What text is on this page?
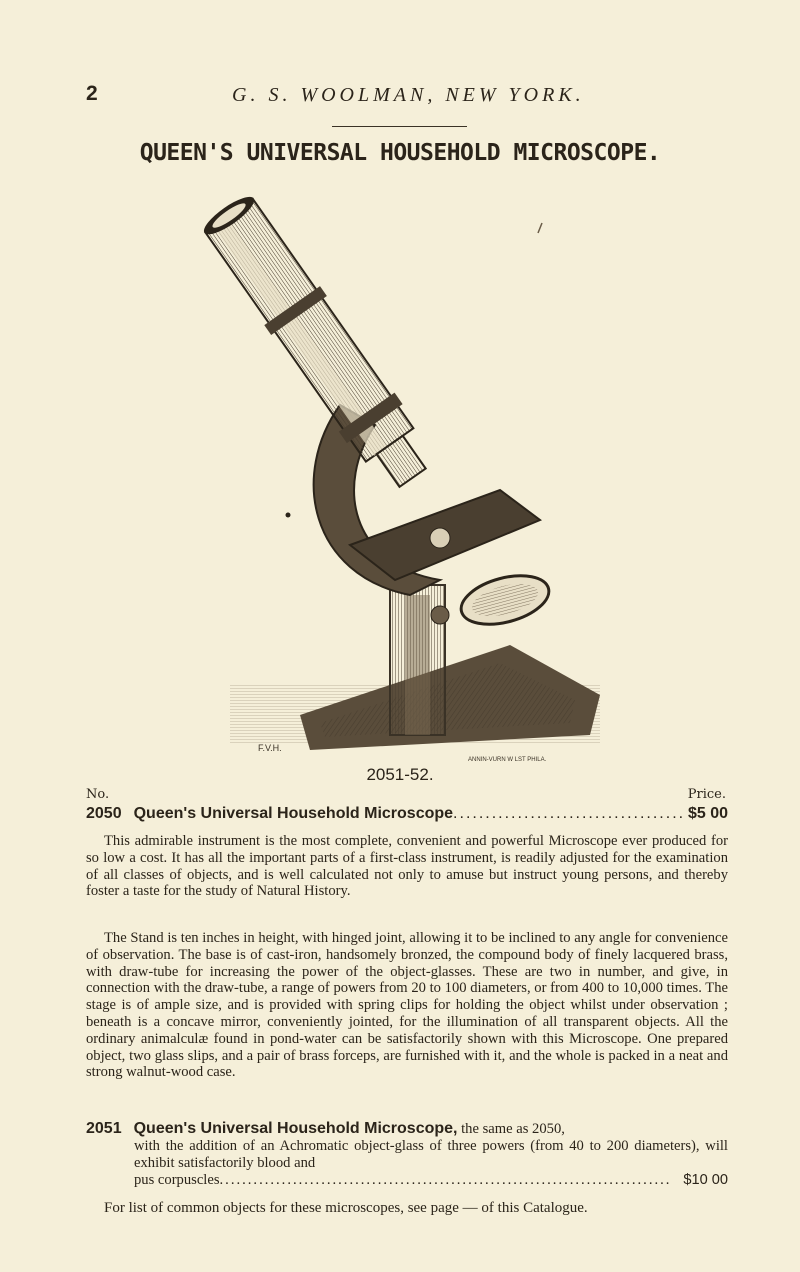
2	G. S. WOOLMAN, NEW YORK.
QUEEN'S UNIVERSAL HOUSEHOLD MICROSCOPE.
F.V.H.
ANNIN-VURN W LST PHILA.
2051-52.
No.	Price.
2050 Queen's Universal Household Microscope .....	$5 00
This admirable instrument is the most complete, convenient and powerful Microscope ever produced for so low a cost. It has all the important parts of a first-class instrument, is readily adjusted for the examination of all classes of objects, and is well calculated not only to amuse but instruct young persons, and thereby foster a taste for the study of Natural History.
The Stand is ten inches in height, with hinged joint, allowing it to be inclined to any angle for convenience of observation. The base is of cast-iron, handsomely bronzed, the compound body of finely lacquered brass, with draw-tube for increasing the power of the object-glasses. These are two in number, and give, in connection with the draw-tube, a range of powers from 20 to 100 diameters, or from 400 to 10,000 times. The stage is of ample size, and is provided with spring clips for holding the object whilst under observation ; beneath is a concave mirror, conveniently jointed, for the illumination of all transparent objects. All the ordinary animalculæ found in pond-water can be satisfactorily shown with this Microscope. One prepared object, two glass slips, and a pair of brass forceps, are furnished with it, and the whole is packed in a neat and strong walnut-wood case.
2051 Queen's Universal Household Microscope, the same as 2050,
with the addition of an Achromatic object-glass of three powers (from 40 to 200 diameters), will exhibit satisfactorily blood and
pus corpuscles .....	$10 00
For list of common objects for these microscopes, see page — of this Catalogue.
